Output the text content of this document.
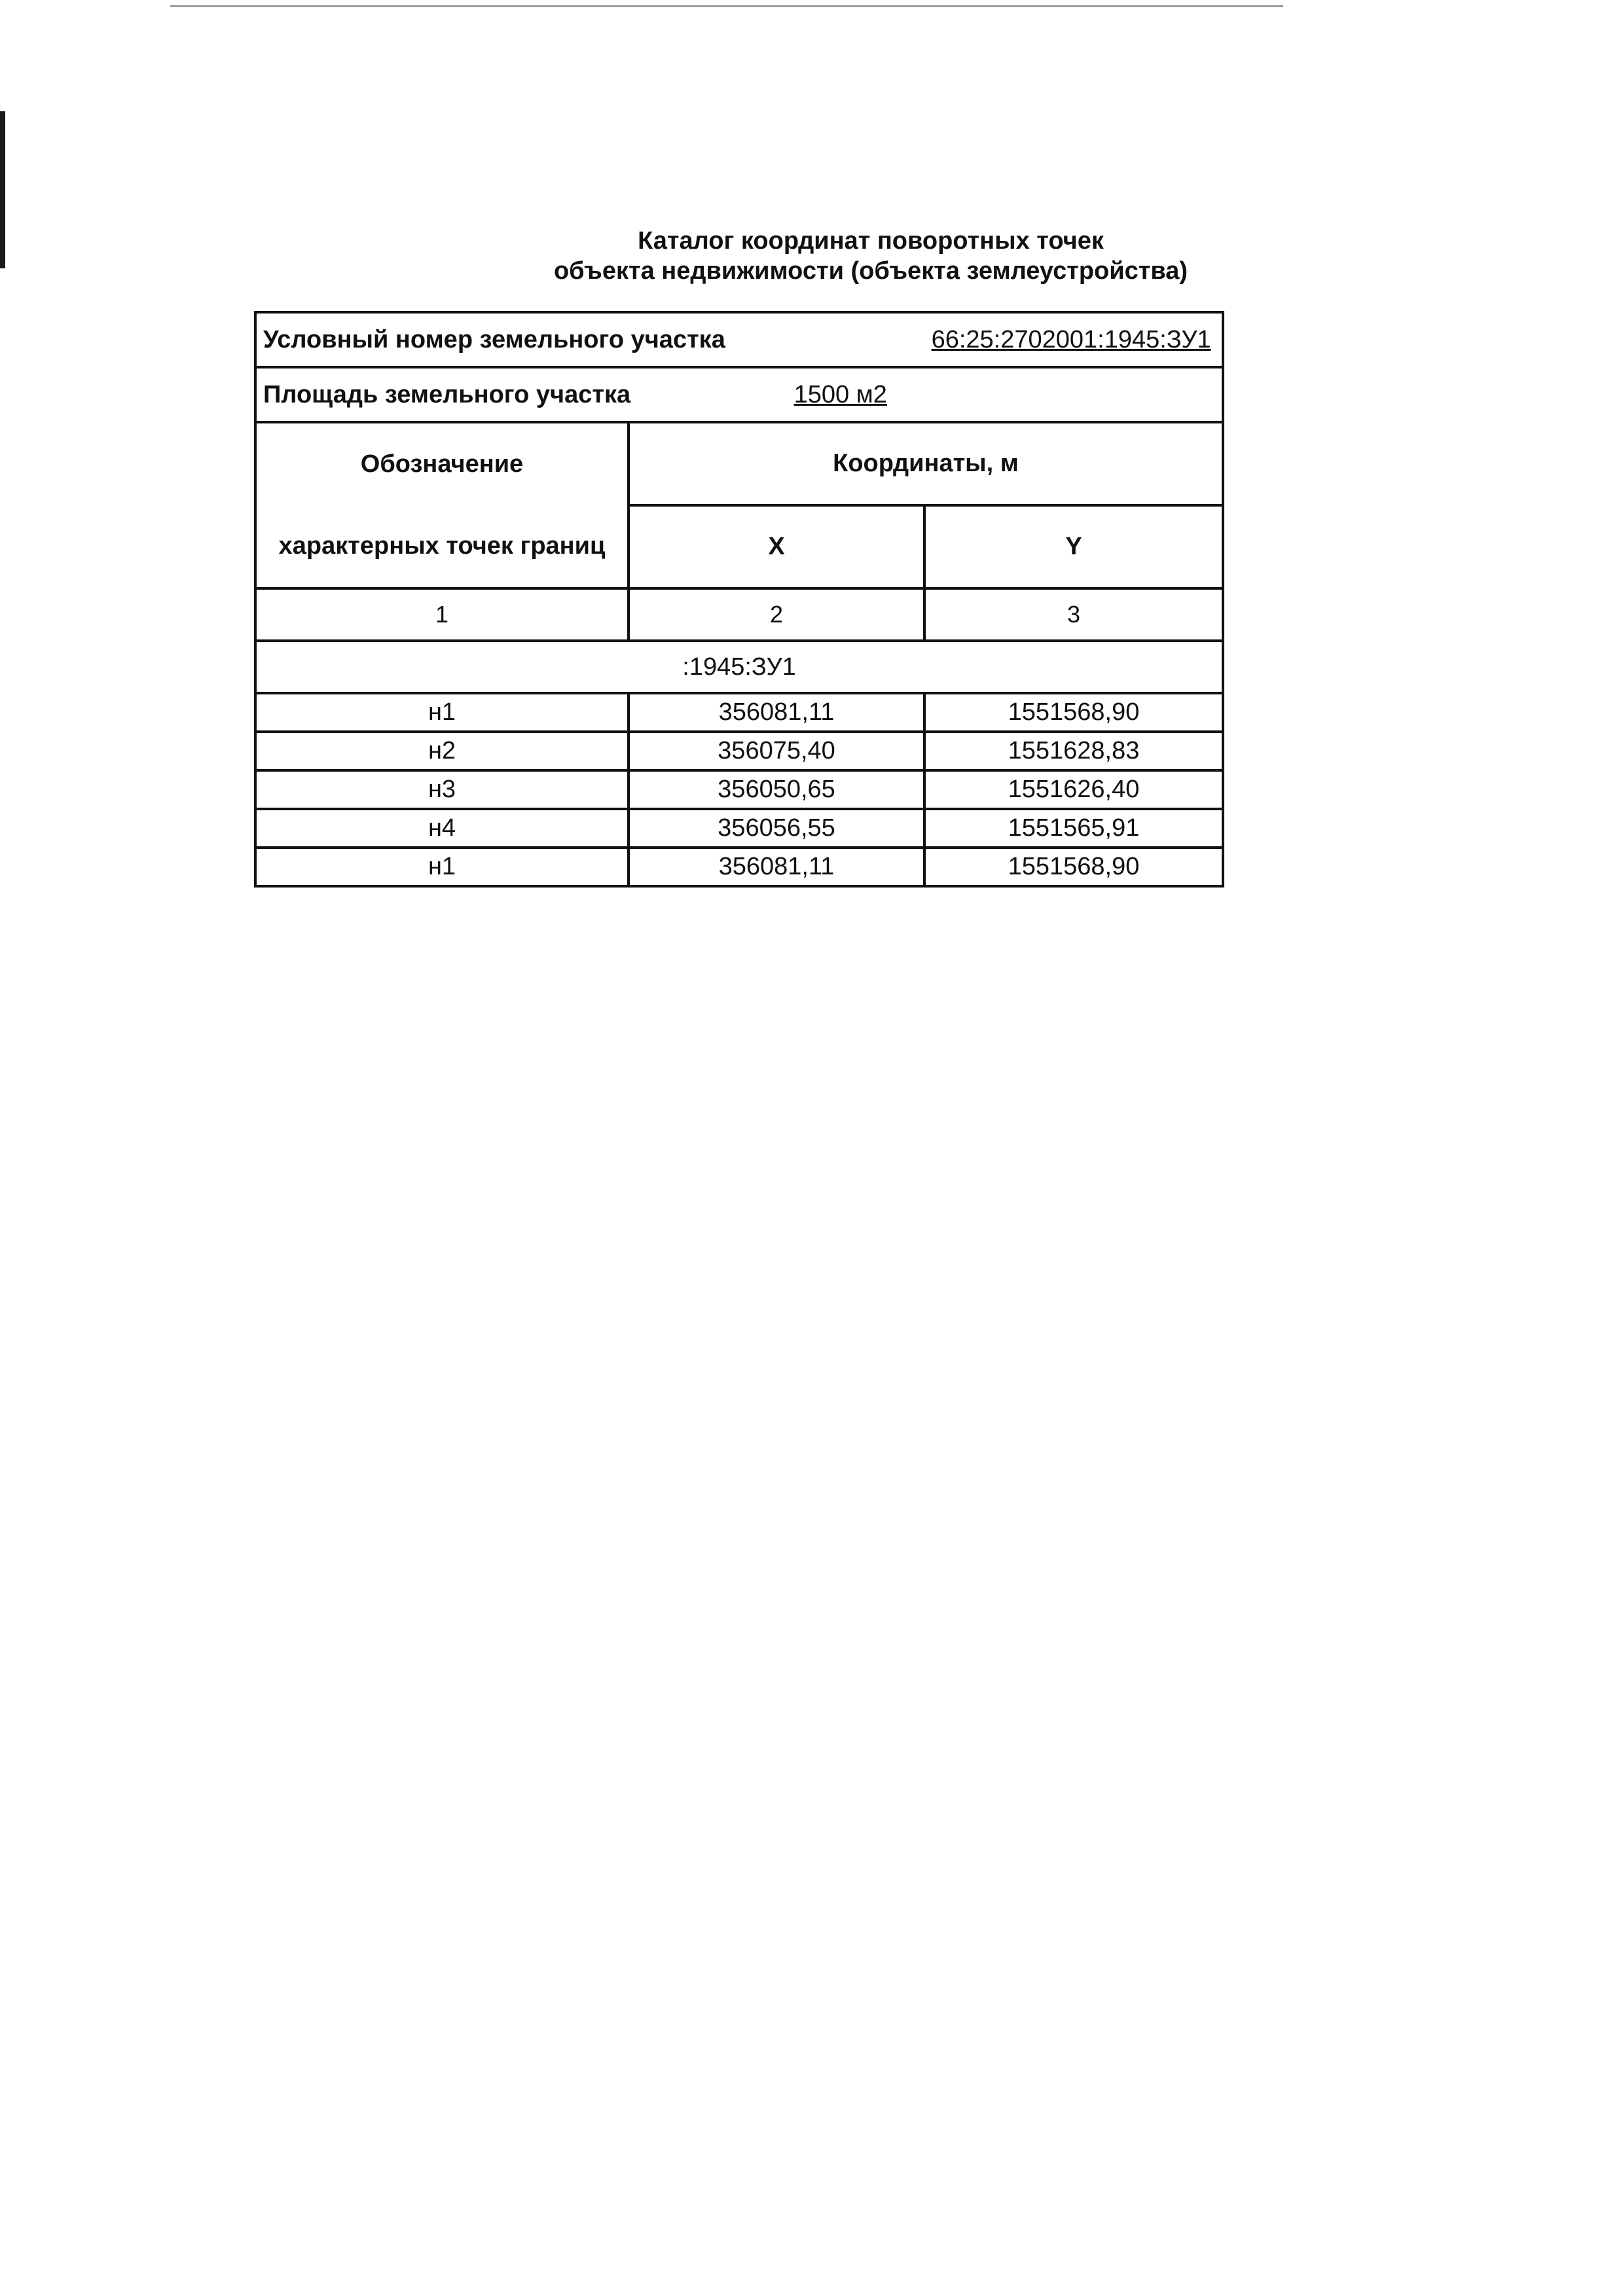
Каталог координат поворотных точек
объекта недвижимости (объекта землеустройства)
Условный номер земельного участка 66:25:2702001:1945:ЗУ1		
Площадь земельного участка 1500 м2		

Обозначение
характерных точек границ	Координаты, м	
	X	Y
1	2	3
:1945:ЗУ1		
н1	356081,11	1551568,90
н2	356075,40	1551628,83
н3	356050,65	1551626,40
н4	356056,55	1551565,91
н1	356081,11	1551568,90
